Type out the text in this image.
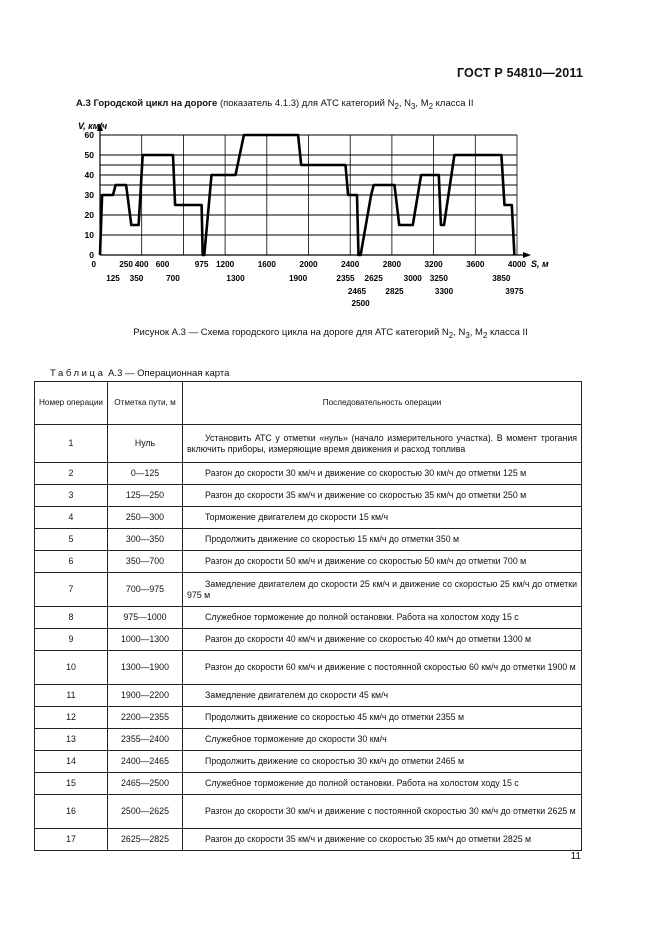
ГОСТ Р 54810—2011
А.3 Городской цикл на дороге (показатель 4.1.3) для АТС категорий $N_2$, $N_3$, $M_2$ класса II
0
10
20
30
40
50
60
250 400 600	975 1200	1600	2000	2400	2800	3200	3600	4000
125 350	700	1300	1900	2355 2625	3000 3250	3850
2465 2825	3300	3975
2500
0
V, км/ч
S, м
Рисунок А.3 — Схема городского цикла на дороге для АТС категорий $N_2$, $N_3$, $M_2$ класса II
Таблица А.3 — Операционная карта
Номер операции	Отметка пути, м	Последовательность операции
1	Нуль	Установить АТС у отметки «нуль» (начало измерительного участка). В момент трогания включить приборы, измеряющие время движения и расход топлива
2	0—125	Разгон до скорости 30 км/ч и движение со скоростью 30 км/ч до отметки 125 м
3	125—250	Разгон до скорости 35 км/ч и движение со скоростью 35 км/ч до отметки 250 м
4	250—300	Торможение двигателем до скорости 15 км/ч
5	300—350	Продолжить движение со скоростью 15 км/ч до отметки 350 м
6	350—700	Разгон до скорости 50 км/ч и движение со скоростью 50 км/ч до отметки 700 м
7	700—975	Замедление двигателем до скорости 25 км/ч и движение со скоростью 25 км/ч до отметки 975 м
8	975—1000	Служебное торможение до полной остановки. Работа на холостом ходу 15 с
9	1000—1300	Разгон до скорости 40 км/ч и движение со скоростью 40 км/ч до отметки 1300 м
10	1300—1900	Разгон до скорости 60 км/ч и движение с постоянной скоростью 60 км/ч до отметки 1900 м
11	1900—2200	Замедление двигателем до скорости 45 км/ч
12	2200—2355	Продолжить движение со скоростью 45 км/ч до отметки 2355 м
13	2355—2400	Служебное торможение до скорости 30 км/ч
14	2400—2465	Продолжить движение со скоростью 30 км/ч до отметки 2465 м
15	2465—2500	Служебное торможение до полной остановки. Работа на холостом ходу 15 с
16	2500—2625	Разгон до скорости 30 км/ч и движение с постоянной скоростью 30 км/ч до отметки 2625 м
17	2625—2825	Разгон до скорости 35 км/ч и движение со скоростью 35 км/ч до отметки 2825 м
11
